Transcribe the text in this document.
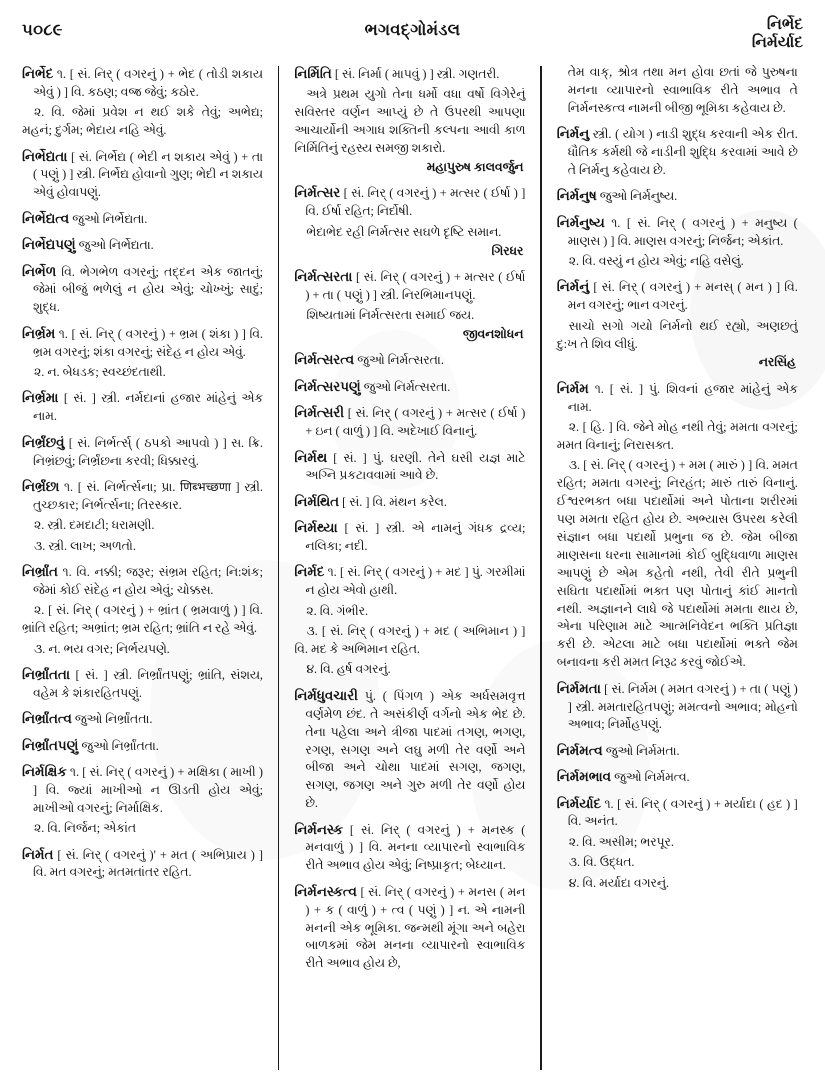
૫૦૮૯	ભગવદ્ગોમંડલ	નિર્ભેદ
નિર્મર્યાદ
નિર્ભેદ ૧. [ સં. નિર્ ( વગરનું ) + ભેદ ( તોડી શકાય એવું ) ] વિ. કઠણ; વજ્ર જેવું; કઠોર.
૨. વિ. જેમાં પ્રવેશ ન થઈ શકે તેવું; અભેદ્ય; મહનં; દુર્ગમ; ભેદાય નહિ એવું.
નિર્ભેદ્યતા [ સં. નિર્ભેદ્ય ( ભેદી ન શકાય એવું ) + તા ( પણું ) ] સ્ત્રી. નિર્ભેદ્ય હોવાનો ગુણ; ભેદી ન શકાય એવું હોવાપણું.
નિર્ભેદ્યત્વ જુઓ નિર્ભેદ્યતા.
નિર્ભેદ્યપણું જુઓ નિર્ભેદ્યતા.
નિર્ભેળ વિ. ભેગભેળ વગરનું; તદ્દન એક જાતનું; જેમાં બીજું ભળેલું ન હોય એવું; ચોખ્ખું; સાદું; શુદ્ધ.
નિર્ભ્રમ ૧. [ સં. નિર્ ( વગરનું ) + ભ્રમ ( શંકા ) ] વિ. ભ્રમ વગરનું; શંકા વગરનું; સંદેહ ન હોય એવું.
૨. ન. બેધડક; સ્વચ્છંદતાથી.
નિર્ભ્રમા [ સં. ] સ્ત્રી. નર્મદાનાં હજાર માંહેનું એક નામ.
નિર્ભ્રંછવું [ સં. નિર્ભર્ત્સ્ ( ઠપકો આપવો ) ] સ. ક્રિ. નિભ્રંછવું; નિર્ભ્રંછના કરવી; ધિક્કારવું.
નિર્ભ્રંછા ૧. [ સં. નિર્ભર્ત્સના; પ્રા. णिब्भच्छणा ] સ્ત્રી. તુચ્છકાર; નિર્ભર્ત્સના; તિરસ્કાર.
૨. સ્ત્રી. દમદાટી; ધરામણી.
૩. સ્ત્રી. લાખ; અળતો.
નિર્ભ્રાંત ૧. વિ. નક્કી; જરૂર; સંભ્રમ રહિત; નિ:શંક; જેમાં કોઈ સંદેહ ન હોય એવું; ચોક્કસ.
૨. [ સં. નિર્ ( વગરનું ) + ભ્રાંત ( ભ્રમવાળું ) ] વિ. ભ્રાંતિ રહિત; અભ્રાંત; ભ્રમ રહિત; ભ્રાંતિ ન રહે એવું.
૩. ન. ભય વગર; નિર્ભયપણે.
નિર્ભ્રાંતતા [ સં. ] સ્ત્રી. નિર્ભ્રાંતપણું; ભ્રાંતિ, સંશય, વહેમ કે શંકારહિતપણું.
નિર્ભ્રાંતત્વ જુઓ નિર્ભ્રાંતતા.
નિર્ભ્રાંતપણું જુઓ નિર્ભ્રાંતતા.
નિર્મક્ષિક ૧. [ સં. નિર્ ( વગરનું ) + મક્ષિકા ( માખી ) ] વિ. જ્યાં માખીઓ ન ઊડતી હોય એવું; માખીઓ વગરનું; નિર્માક્ષિક.
૨. વિ. નિર્જન; એકાંત
નિર્મત [ સં. નિર્ ( વગરનું )' + મત ( અભિપ્રાય ) ] વિ. મત વગરનું; મતમતાંતર રહિત.
નિર્મિતિ [ સં. નિર્મા ( માપવું ) ] સ્ત્રી. ગણતરી.
અત્રે પ્રથમ યુગો તેના ધર્મો વધા વર્ષો વિગેરેનું સવિસ્તર વર્ણન આપ્યું છે તે ઉપરથી આપણા આચાર્યોની અગાધ શક્તિની કલ્પના આવી કાળ નિર્મિતિનું રહસ્ય સમજી શકારો.
મહાપુરુષ કાલવર્જુન
નિર્મત્સર [ સં. નિર્ ( વગરનું ) + મત્સર ( ઈર્ષા ) ] વિ. ઈર્ષા રહિત; નિર્દોષી.
ભેદાભેદ રહી નિર્મત્સર સઘળે દૃષ્ટિ સમાન.
ગિરધર
નિર્મત્સરતા [ સં. નિર્ ( વગરનું ) + મત્સર ( ઈર્ષા ) + તા ( પણું ) ] સ્ત્રી. નિરભિમાનપણું.
શિષ્યતામાં નિર્મત્સરતા સમાઈ જય.
જીવનશોધન
નિર્મત્સરત્વ જુઓ નિર્મત્સરતા.
નિર્મત્સરપણું જુઓ નિર્મત્સરતા.
નિર્મત્સરી [ સં. નિર્ ( વગરનું ) + મત્સર ( ઈર્ષા ) + ઇન ( વાળું ) ] વિ. અદેખાઈ વિનાનું.
નિર્મથ [ સં. ] પું. ઘરણી. તેને ઘસી યજ્ઞ માટે અગ્નિ પ્રકટાવવામાં આવે છે.
નિર્મથિત [ સં. ] વિ. મંથન કરેલ.
નિર્મથ્યા [ સં. ] સ્ત્રી. એ નામનું ગંધક દ્રવ્ય; નલિકા; નદી.
નિર્મદ ૧. [ સં. નિર્ ( વગરનું ) + મદ ] પું. ગરમીમાં ન હોય એવો હાથી.
૨. વિ. ગંભીર.
૩. [ સં. નિર્ ( વગરનું ) + મદ ( અભિમાન ) ] વિ. મદ કે અભિમાન રહિત.
૪. વિ. હર્ષ વગરનું.
નિર્મધુવચારી પું. ( પિંગળ ) એક અર્ધસમવૃત્ત વર્ણમેળ છંદ. તે અસંકીર્ણ વર્ગનો એક ભેદ છે. તેના પહેલા અને ત્રીજા પાદમાં તગણ, ભગણ, રગણ, સગણ અને લઘુ મળી તેર વર્ણો અને બીજા અને ચોથા પાદમાં સગણ, જગણ, સગણ, જગણ અને ગુરુ મળી તેર વર્ણો હોય છે.
નિર્મનસ્ક [ સં. નિર્ ( વગરનું ) + મનસ્ક ( મનવાળું ) ] વિ. મનના વ્યાપારનો સ્વાભાવિક રીતે અભાવ હોય એવું; નિષ્પ્રાકૃત; બેધ્યાન.
નિર્મનસ્કત્વ [ સં. નિર્ ( વગરનું ) + મનસ ( મન ) + ક ( વાળું ) + ત્વ ( પણું ) ] ન. એ નામની મનની એક ભૂમિકા. જન્મથી મૂંગા અને બહેરા બાળકમાં જેમ મનના વ્યાપારનો સ્વાભાવિક રીતે અભાવ હોય છે,
તેમ વાક્, શ્રોત્ર તથા મન હોવા છતાં જે પુરુષના મનના વ્યાપારનો સ્વાભાવિક રીતે અભાવ તે નિર્મનસ્કત્વ નામની બીજી ભૂમિકા કહેવાય છે.
નિર્મનુ સ્ત્રી. ( યોગ ) નાડી શુદ્ધ કરવાની એક રીત. ધૌતિક કર્મથી જે નાડીની શુદ્ધિ કરવામાં આવે છે તે નિર્મનુ કહેવાય છે.
નિર્મનુષ જુઓ નિર્મનુષ્ય.
નિર્મનુષ્ય ૧. [ સં. નિર્ ( વગરનું ) + મનુષ્ય ( માણસ ) ] વિ. માણસ વગરનું; નિર્જન; એકાંત.
૨. વિ. વસ્યું ન હોય એવું; નહિ વસેલું.
નિર્મનું [ સં. નિર્ ( વગરનું ) + મનસ્ ( મન ) ] વિ. મન વગરનું; ભાન વગરનું.
સાચો સગો ગયો નિર્મનો થઈ રહ્યો, અણછતું દુ:ખ તે શિવ લીધું.
નરસિંહ
નિર્મમ ૧. [ સં. ] પું. શિવનાં હજાર માંહેનું એક નામ.
૨. [ હિ. ] વિ. જેને મોહ નથી તેવું; મમતા વગરનું; મમત વિનાનું; નિરાસક્ત.
૩. [ સં. નિર્ ( વગરનું ) + મમ ( મારું ) ] વિ. મમત રહિત; મમતા વગરનું; નિરહંત; મારું તારું વિનાનું. ઈશ્વરભક્ત બધા પદાર્થોમાં અને પોતાના શરીરમાં પણ મમતા રહિત હોય છે. અભ્યાસ ઉપરથ કરેલી સંજ્ઞાન બધા પદાર્થો પ્રભુના જ છે. જેમ બીજા માણસના ધરના સામાનમાં કોઈ બુદ્ધિવાળા માણસ આપણું છે એમ કહેતો નથી, તેવી રીતે પ્રભુની સઘિતા પદાર્થોમાં ભક્ત પણ પોતાનું કાંઈ માનતો નથી. અજ્ઞાનને લાધે જે પદાર્થોમાં મમતા થાય છે, એના પરિણામ માટે આત્મનિવેદન ભક્તિ પ્રતિજ્ઞા કરી છે. એટલા માટે બધા પદાર્થોમાં ભક્તે જેમ બનાવના કરી મમત નિરૂઢ કરવું જોઈએ.
નિર્મમતા [ સં. નિર્મમ ( મમત વગરનું ) + તા ( પણું ) ] સ્ત્રી. મમતારહિતપણું; મમત્વનો અભાવ; મોહનો અભાવ; નિર્મોહપણું.
નિર્મમત્વ જુઓ નિર્મમતા.
નિર્મમભાવ જુઓ નિર્મમત્વ.
નિર્મર્યાદ ૧. [ સં. નિર્ ( વગરનું ) + મર્યાદા ( હદ ) ] વિ. અનંત.
૨. વિ. અસીમ; ભરપૂર.
૩. વિ. ઉદ્ધત.
૪. વિ. મર્યાદા વગરનું.
